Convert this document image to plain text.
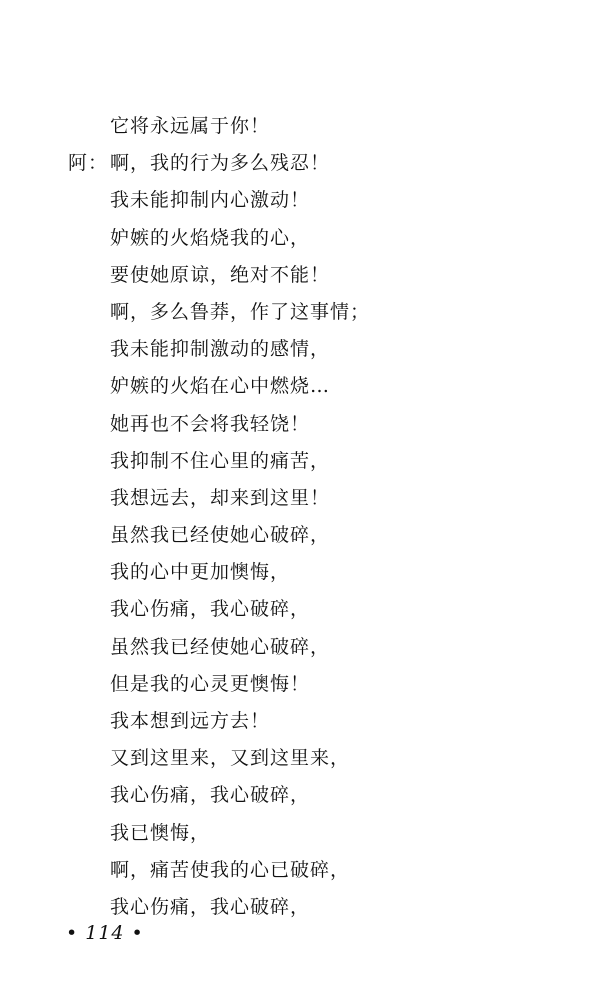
它将永远属于你！
阿： 啊，我的行为多么残忍！
我未能抑制内心激动！
妒嫉的火焰烧我的心，
要使她原谅，绝对不能！
啊，多么鲁莽，作了这事情；
我未能抑制激动的感情，
妒嫉的火焰在心中燃烧…
她再也不会将我轻饶！
我抑制不住心里的痛苦，
我想远去，却来到这里！
虽然我已经使她心破碎，
我的心中更加懊悔，
我心伤痛，我心破碎，
虽然我已经使她心破碎，
但是我的心灵更懊悔！
我本想到远方去！
又到这里来，又到这里来，
我心伤痛，我心破碎，
我已懊悔，
啊，痛苦使我的心已破碎，
我心伤痛，我心破碎，
• 114 •
